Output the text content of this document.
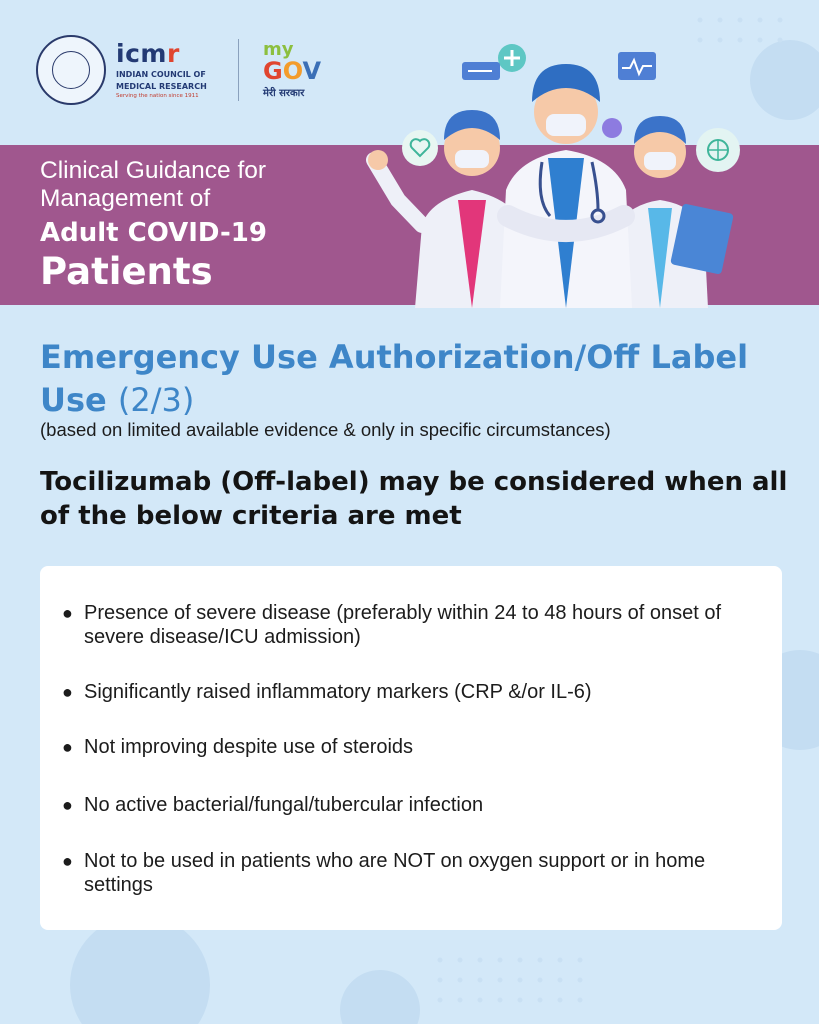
icmr
INDIAN COUNCIL OF
MEDICAL RESEARCH
Serving the nation since 1911
my
GOV
मेरी सरकार
Clinical Guidance for
Management of
Adult COVID-19
Patients
Emergency Use Authorization/Off Label Use (2/3)
(based on limited available evidence & only in specific circumstances)
Tocilizumab (Off-label) may be considered when all of the below criteria are met
● Presence of severe disease (preferably within 24 to 48 hours of onset of severe disease/ICU admission)
● Significantly raised inflammatory markers (CRP &/or IL-6)
● Not improving despite use of steroids
● No active bacterial/fungal/tubercular infection
● Not to be used in patients who are NOT on oxygen support or in home settings
